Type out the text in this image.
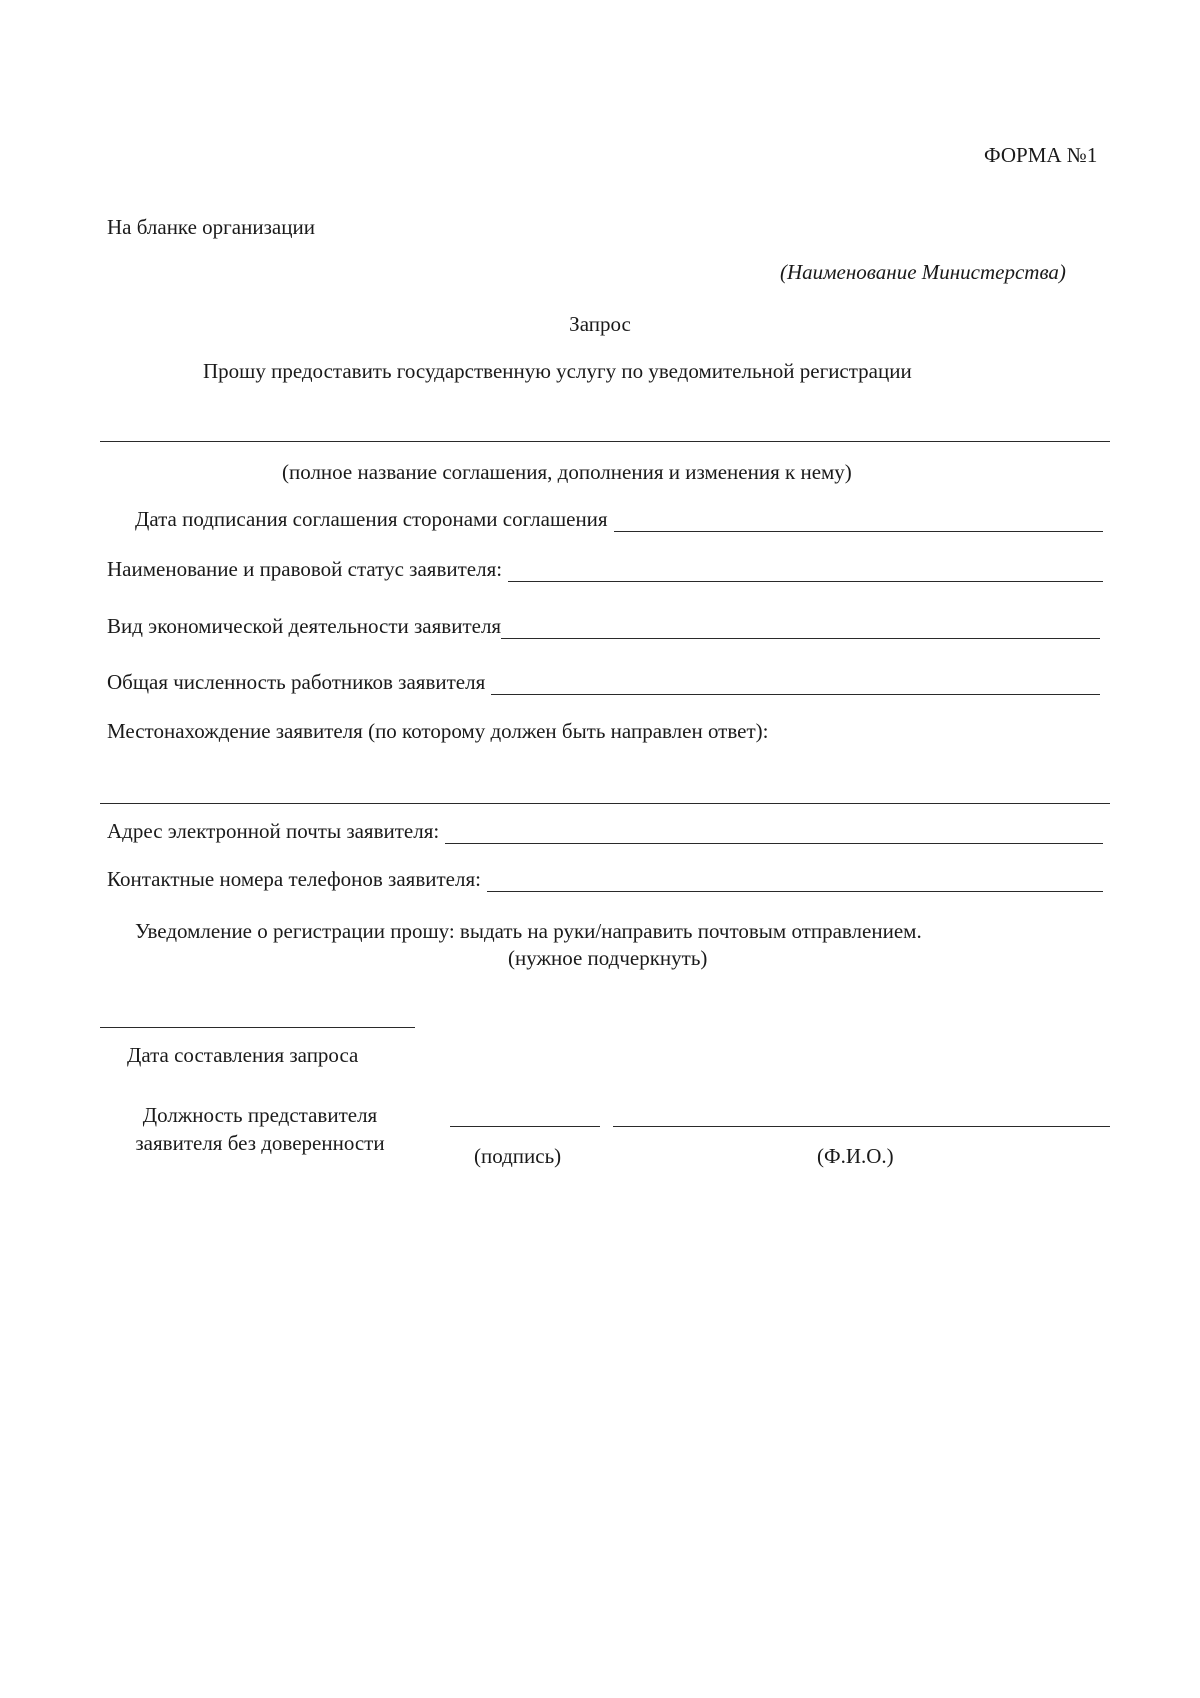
ФОРМА №1
На бланке организации
(Наименование Министерства)
Запрос
Прошу предоставить государственную услугу по уведомительной регистрации
(полное название соглашения, дополнения и изменения к нему)
Дата подписания соглашения сторонами соглашения
Наименование и правовой статус заявителя:
Вид экономической деятельности заявителя
Общая численность работников заявителя
Местонахождение заявителя (по которому должен быть направлен ответ):
Адрес электронной почты заявителя:
Контактные номера телефонов заявителя:
Уведомление о регистрации прошу: выдать на руки/направить почтовым отправлением.
(нужное подчеркнуть)
Дата составления запроса
Должность представителя
заявителя без доверенности
(подпись)	(Ф.И.О.)
